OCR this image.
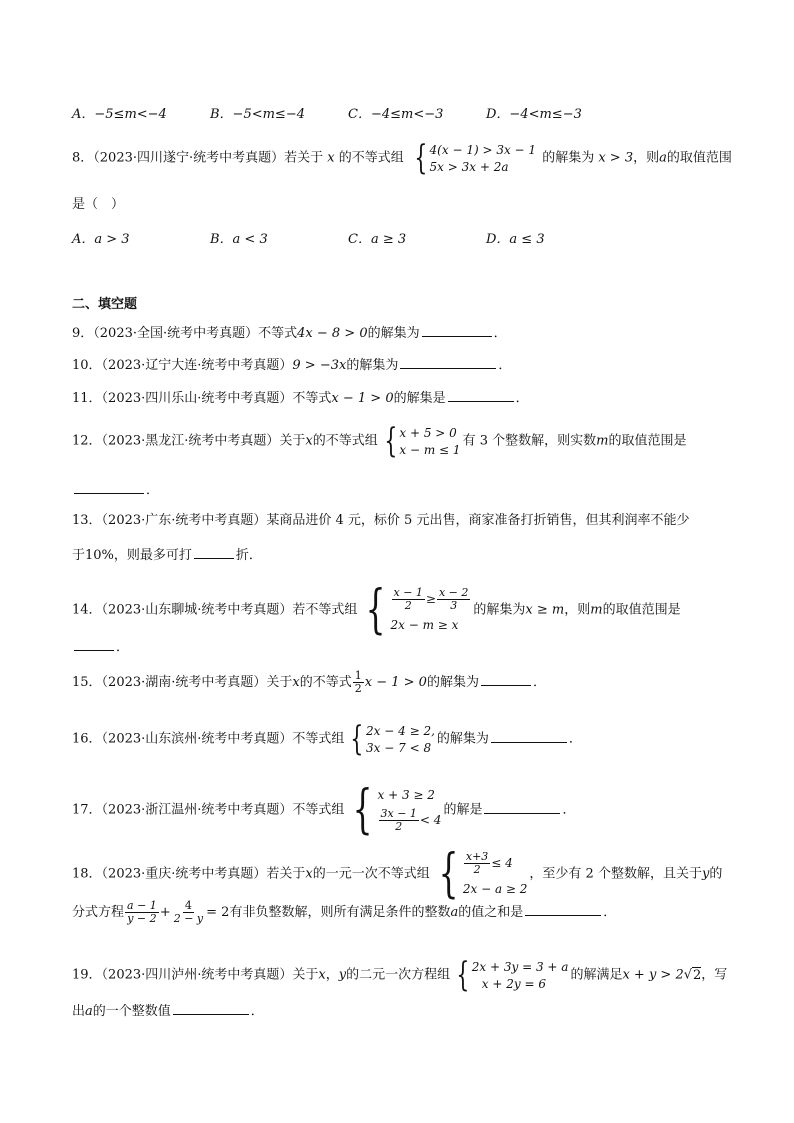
A．−5≤m<−4	B．−5<m≤−4	C．−4≤m<−3	D．−4<m≤−3
8．（2023·四川遂宁·统考中考真题）若关于 x 的不等式组 { 4(x − 1) > 3x − 1
5x > 3x + 2a
的解集为 x > 3，则a的取值范围
是（　）
A．a > 3	B．a < 3	C．a ≥ 3	D．a ≤ 3
二、填空题
9．（2023·全国·统考中考真题）不等式4x − 8 > 0的解集为	．
10．（2023·辽宁大连·统考中考真题）9 > −3x的解集为	．
11．（2023·四川乐山·统考中考真题）不等式x − 1 > 0的解集是	．
12．（2023·黑龙江·统考中考真题）关于x的不等式组 { x + 5 > 0
x − m ≤ 1
有 3 个整数解，则实数m的取值范围是
．
13．（2023·广东·统考中考真题）某商品进价 4 元，标价 5 元出售，商家准备打折销售，但其利润率不能少
于10%，则最多可打	折．
14．（2023·山东聊城·统考中考真题）若不等式组 { $\frac{x - 1}{2} \ge \frac{x - 2}{3}$
2x − m ≥ x
的解集为x ≥ m，则m的取值范围是
．
15．（2023·湖南·统考中考真题）关于x的不等式 $\frac{1}{2}$ x − 1 > 0的解集为	．
16．（2023·山东滨州·统考中考真题）不等式组 { 2x − 4 ≥ 2,
3x − 7 < 8
的解集为	．
17．（2023·浙江温州·统考中考真题）不等式组 { x + 3 ≥ 2
$\frac{3x - 1}{2} < 4$
的解是	．
18．（2023·重庆·统考中考真题）若关于x的一元一次不等式组 { $\frac{x+3}{2} \le 4$
2x − a ≥ 2
，至少有 2 个整数解，且关于y的
分式方程 $\frac{a - 1}{y - 2} + \frac{4}{2 - y} = 2$有非负整数解，则所有满足条件的整数a的值之和是	．
19．（2023·四川泸州·统考中考真题）关于x，y的二元一次方程组 { 2x + 3y = 3 + a
x + 2y = 6
的解满足x + y > 2√2，写
出a的一个整数值	．
